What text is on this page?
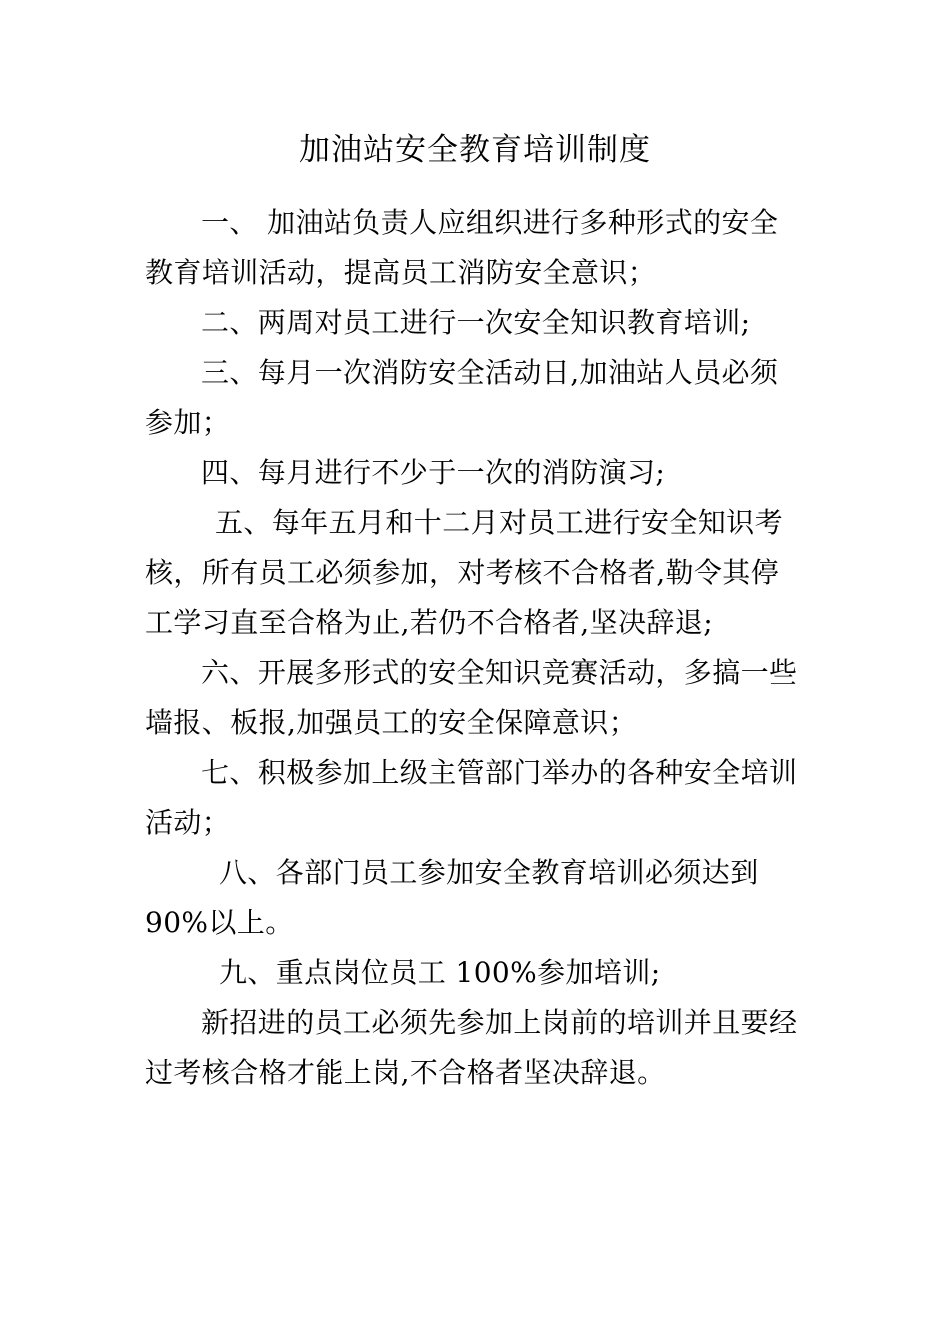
加油站安全教育培训制度
一、 加油站负责人应组织进行多种形式的安全
教育培训活动，提高员工消防安全意识；
二、两周对员工进行一次安全知识教育培训;
三、每月一次消防安全活动日,加油站人员必须
参加；
四、每月进行不少于一次的消防演习;
五、每年五月和十二月对员工进行安全知识考
核，所有员工必须参加，对考核不合格者,勒令其停
工学习直至合格为止,若仍不合格者,坚决辞退;
六、开展多形式的安全知识竞赛活动，多搞一些
墙报、板报,加强员工的安全保障意识；
七、积极参加上级主管部门举办的各种安全培训
活动；
八、各部门员工参加安全教育培训必须达到
90%以上。
九、重点岗位员工 100%参加培训;
新招进的员工必须先参加上岗前的培训并且要经
过考核合格才能上岗,不合格者坚决辞退。
